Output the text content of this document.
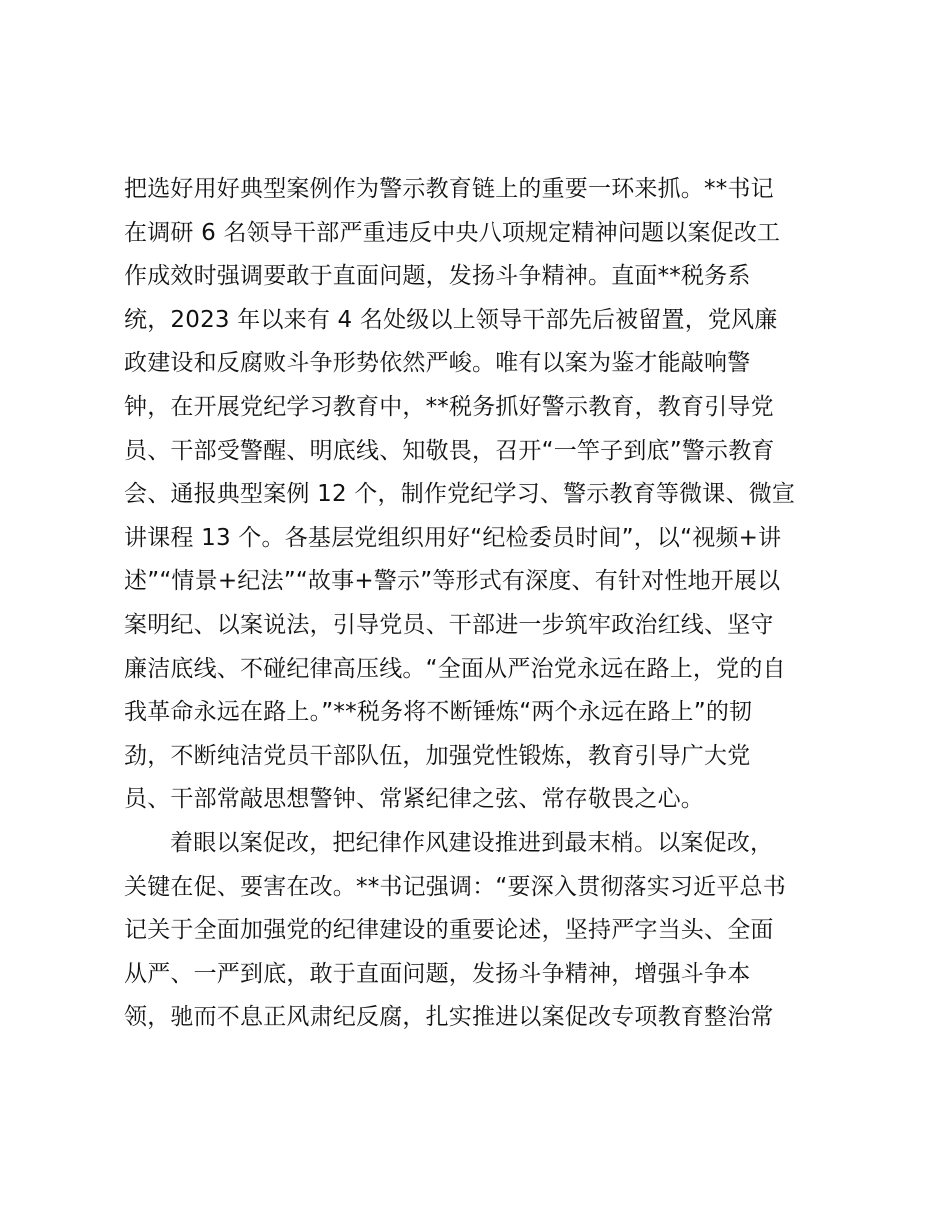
把选好用好典型案例作为警示教育链上的重要一环来抓。**书记
在调研 6 名领导干部严重违反中央八项规定精神问题以案促改工
作成效时强调要敢于直面问题，发扬斗争精神。直面**税务系
统，2023 年以来有 4 名处级以上领导干部先后被留置，党风廉
政建设和反腐败斗争形势依然严峻。唯有以案为鉴才能敲响警
钟，在开展党纪学习教育中，**税务抓好警示教育，教育引导党
员、干部受警醒、明底线、知敬畏，召开“一竿子到底”警示教育
会、通报典型案例 12 个，制作党纪学习、警示教育等微课、微宣
讲课程 13 个。各基层党组织用好“纪检委员时间”，以“视频+讲
述”“情景+纪法”“故事+警示”等形式有深度、有针对性地开展以
案明纪、以案说法，引导党员、干部进一步筑牢政治红线、坚守
廉洁底线、不碰纪律高压线。“全面从严治党永远在路上，党的自
我革命永远在路上。”**税务将不断锤炼“两个永远在路上”的韧
劲，不断纯洁党员干部队伍，加强党性锻炼，教育引导广大党
员、干部常敲思想警钟、常紧纪律之弦、常存敬畏之心。
着眼以案促改，把纪律作风建设推进到最末梢。以案促改，
关键在促、要害在改。**书记强调：“要深入贯彻落实习近平总书
记关于全面加强党的纪律建设的重要论述，坚持严字当头、全面
从严、一严到底，敢于直面问题，发扬斗争精神，增强斗争本
领，驰而不息正风肃纪反腐，扎实推进以案促改专项教育整治常
